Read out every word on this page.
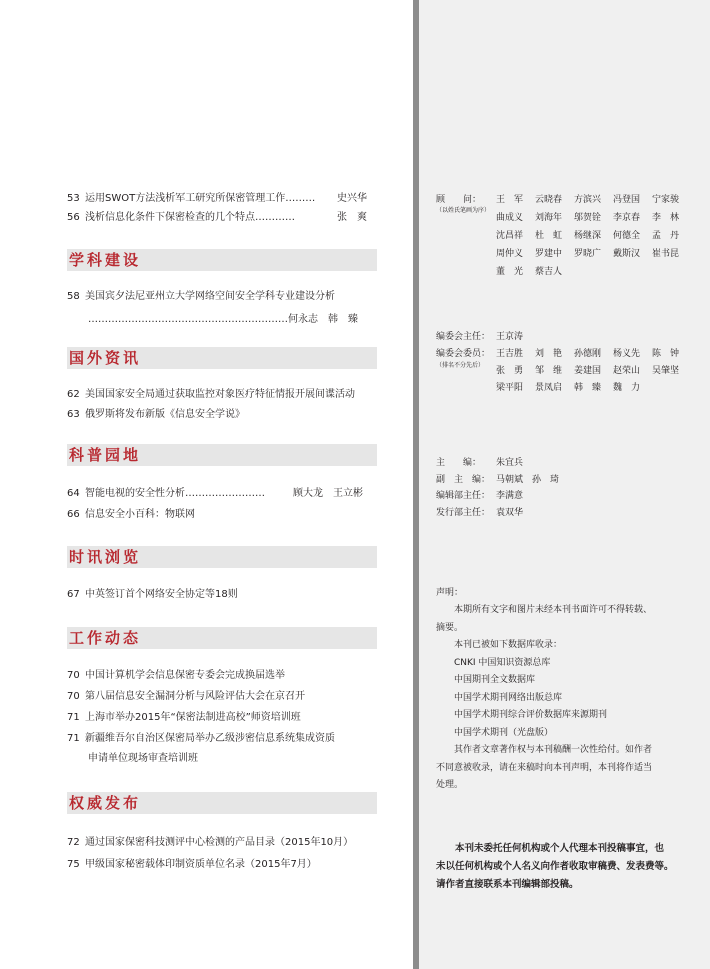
53 运用SWOT方法浅析军工研究所保密管理工作……… 史兴华
56 浅析信息化条件下保密检查的几个特点…………	张　爽
学科建设
58 美国宾夕法尼亚州立大学网络空间安全学科专业建设分析
……………………………………………………何永志　韩　臻
国外资讯
62 美国国家安全局通过获取监控对象医疗特征情报开展间谍活动
63 俄罗斯将发布新版《信息安全学说》
科普园地
64 智能电视的安全性分析……………………	顾大龙　王立彬
66 信息安全小百科：物联网
时讯浏览
67 中英签订首个网络安全协定等18则
工作动态
70 中国计算机学会信息保密专委会完成换届选举
70 第八届信息安全漏洞分析与风险评估大会在京召开
71 上海市举办2015年“保密法制进高校”师资培训班
71 新疆维吾尔自治区保密局举办乙级涉密信息系统集成资质
申请单位现场审查培训班
权威发布
72 通过国家保密科技测评中心检测的产品目录（2015年10月）
75 甲级国家秘密载体印制资质单位名录（2015年7月）
顾　　问：
（以姓氏笔画为序）
王　军 云晓春 方滨兴 冯登国 宁家骏
曲成义 刘海年 邬贺铨 李京春 李　林
沈昌祥 杜　虹 杨继深 何德全 孟　丹
周仲义 罗建中 罗晓广 戴斯汉 崔书昆
董　光 蔡吉人
编委会主任： 王京涛
编委会委员：
（排名不分先后）
王吉胜 刘　艳 孙德刚 杨义先 陈　钟
张　勇 邹　维 姜建国 赵荣山 吴肇坚
梁平阳 景凤启 韩　臻 魏　力
主　　编： 朱宜兵
副　主　编： 马朝斌　孙　琦
编辑部主任： 李满意
发行部主任： 袁双华
声明：
　　本期所有文字和图片未经本刊书面许可不得转载、
摘要。
　　本刊已被如下数据库收录：
　　CNKI 中国知识资源总库
　　中国期刊全文数据库
　　中国学术期刊网络出版总库
　　中国学术期刊综合评价数据库来源期刊
　　中国学术期刊（光盘版）
　　其作者文章著作权与本刊稿酬一次性给付。如作者
不同意被收录，请在来稿时向本刊声明，本刊将作适当
处理。
　　本刊未委托任何机构或个人代理本刊投稿事宜，也
未以任何机构或个人名义向作者收取审稿费、发表费等。
请作者直接联系本刊编辑部投稿。
